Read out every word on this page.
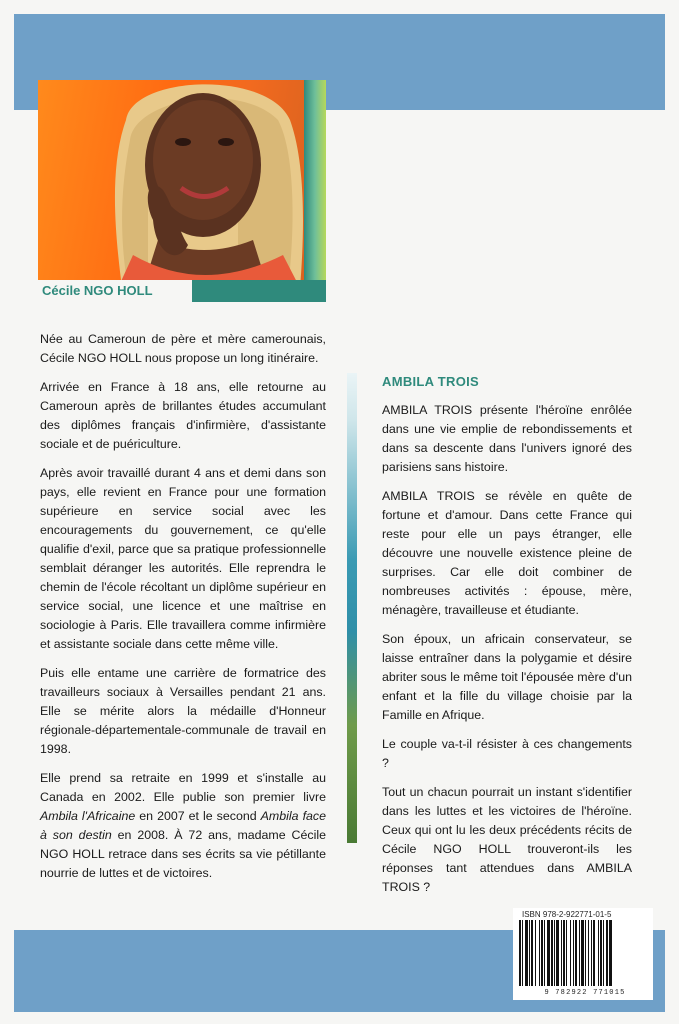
Cécile NGO HOLL

Née au Cameroun de père et mère camerounais, Cécile NGO HOLL nous propose un long itinéraire.

Arrivée en France à 18 ans, elle retourne au Cameroun après de brillantes études accumulant des diplômes français d'infirmière, d'assistante sociale et de puériculture.

Après avoir travaillé durant 4 ans et demi dans son pays, elle revient en France pour une formation supérieure en service social avec les encouragements du gouvernement, ce qu'elle qualifie d'exil, parce que sa pratique professionnelle semblait déranger les autorités. Elle reprendra le chemin de l'école récoltant un diplôme supérieur en service social, une licence et une maîtrise en sociologie à Paris. Elle travaillera comme infirmière et assistante sociale dans cette même ville.

Puis elle entame une carrière de formatrice des travailleurs sociaux à Versailles pendant 21 ans. Elle se mérite alors la médaille d'Honneur régionale-départementale-communale de travail en 1998.

Elle prend sa retraite en 1999 et s'installe au Canada en 2002. Elle publie son premier livre Ambila l'Africaine en 2007 et le second Ambila face à son destin en 2008. À 72 ans, madame Cécile NGO HOLL retrace dans ses écrits sa vie pétillante nourrie de luttes et de victoires.

AMBILA TROIS

AMBILA TROIS présente l'héroïne enrôlée dans une vie emplie de rebondissements et dans sa descente dans l'univers ignoré des parisiens sans histoire.

AMBILA TROIS se révèle en quête de fortune et d'amour. Dans cette France qui reste pour elle un pays étranger, elle découvre une nouvelle existence pleine de surprises. Car elle doit combiner de nombreuses activités : épouse, mère, ménagère, travailleuse et étudiante.

Son époux, un africain conservateur, se laisse entraîner dans la polygamie et désire abriter sous le même toit l'épousée mère d'un enfant et la fille du village choisie par la Famille en Afrique.

Le couple va-t-il résister à ces changements ?

Tout un chacun pourrait un instant s'identifier dans les luttes et les victoires de l'héroïne. Ceux qui ont lu les deux précédents récits de Cécile NGO HOLL trouveront-ils les réponses tant attendues dans AMBILA TROIS ?

ISBN 978-2-922771-01-5
9 782922 771015
